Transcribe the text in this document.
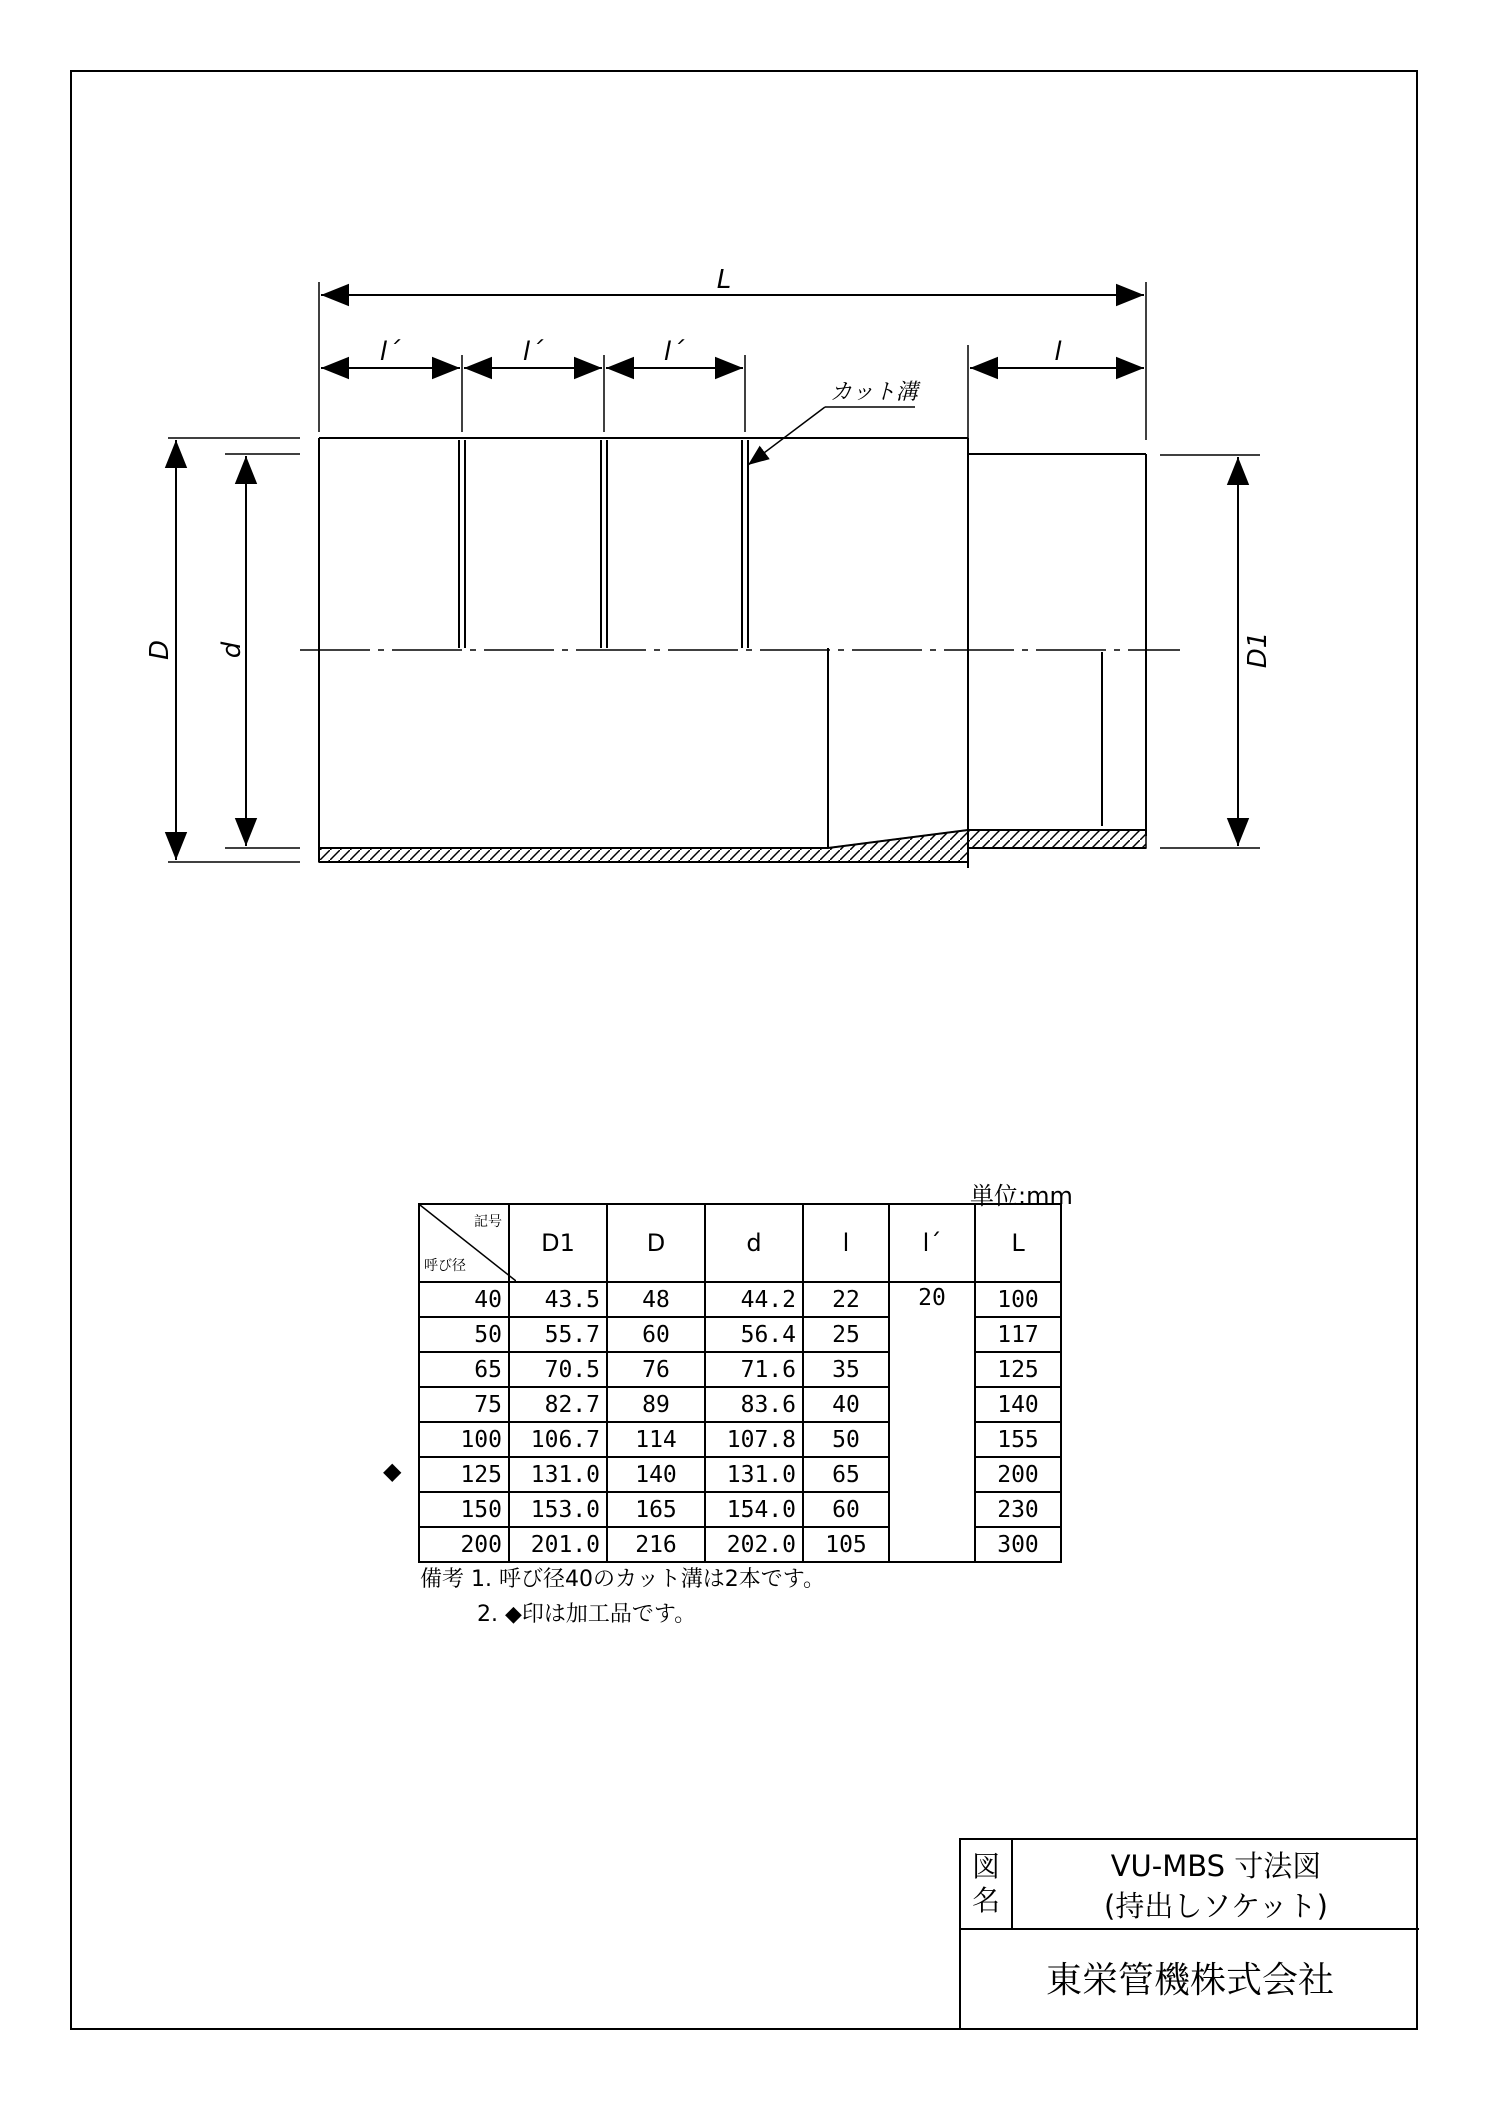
L
l´	l´	l´	l
カット溝
D d	D1
単位:mm
◆
記号
呼び径	D1	D	d	l	l´	L
40	43.5	48	44.2	22	20	100
50	55.7	60	56.4	25		117
65	70.5	76	71.6	35		125
75	82.7	89	83.6	40		140
100	106.7	114	107.8	50		155
125	131.0	140	131.0	65		200
150	153.0	165	154.0	60		230
200	201.0	216	202.0	105		300
備考 1. 呼び径40のカット溝は2本です。
2. ◆印は加工品です。
図
名
VU-MBS 寸法図
(持出しソケット)
東栄管機株式会社
